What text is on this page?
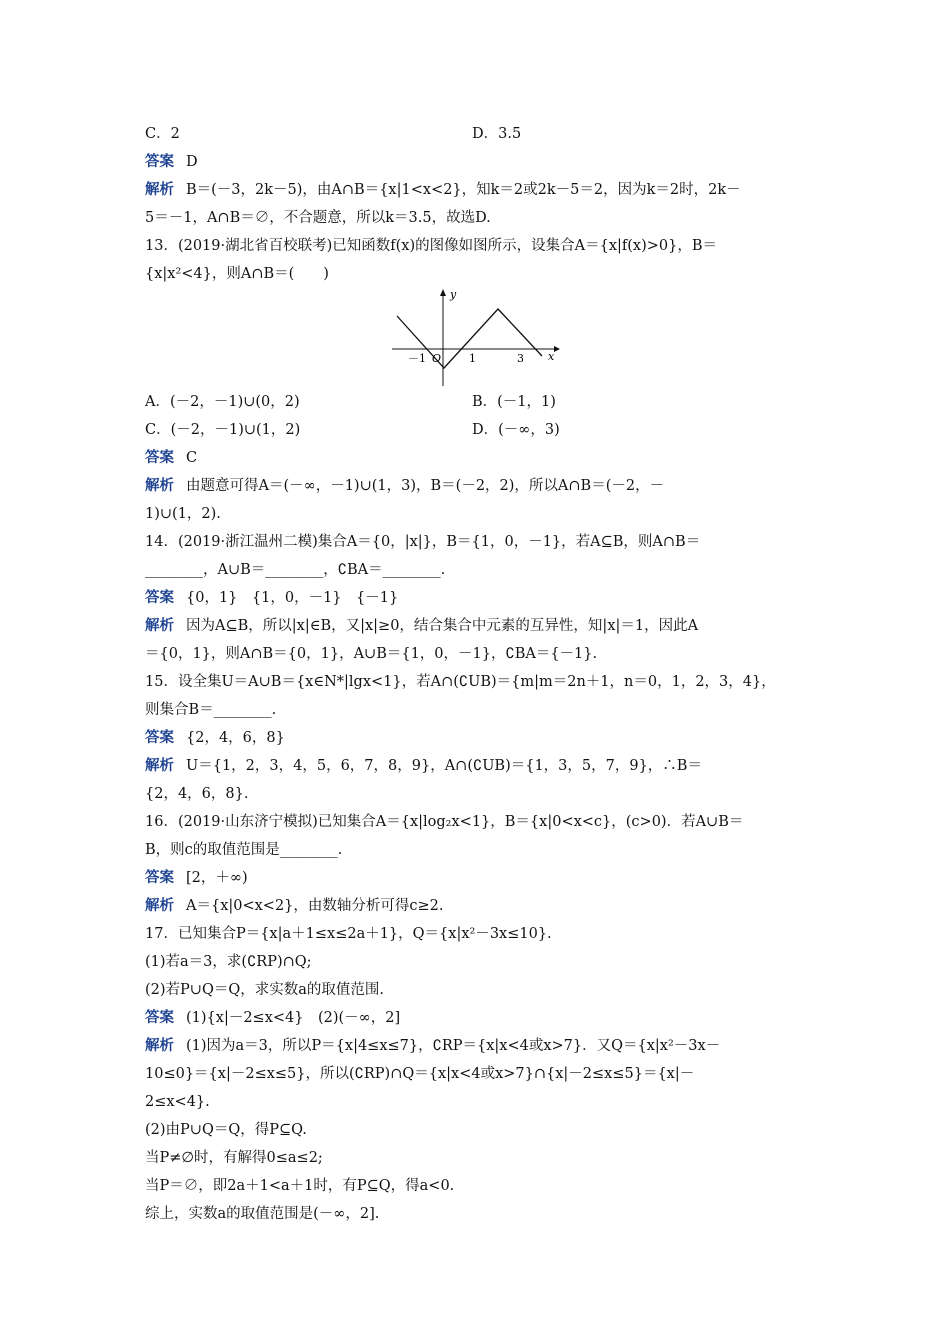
C．2	D．3.5
答案 D
解析 B＝(－3，2k－5)，由A∩B＝{x|1<x<2}，知k＝2或2k－5＝2，因为k＝2时，2k－
5＝－1，A∩B＝∅，不合题意，所以k＝3.5，故选D.
13．(2019·湖北省百校联考)已知函数f(x)的图像如图所示，设集合A＝{x|f(x)>0}，B＝
{x|x²<4}，则A∩B＝(　　)
y
O
－1	1	3 x
A．(－2，－1)∪(0，2)	B．(－1，1)
C．(－2，－1)∪(1，2)	D．(－∞，3)
答案 C
解析 由题意可得A＝(－∞，－1)∪(1，3)，B＝(－2，2)，所以A∩B＝(－2，－
1)∪(1，2).
14．(2019·浙江温州二模)集合A＝{0，|x|}，B＝{1，0，－1}，若A⊆B，则A∩B＝
________，A∪B＝________，∁BA＝________.
答案 {0，1}　{1，0，－1}　{－1}
解析 因为A⊆B，所以|x|∈B，又|x|≥0，结合集合中元素的互异性，知|x|＝1，因此A
＝{0，1}，则A∩B＝{0，1}，A∪B＝{1，0，－1}，∁BA＝{－1}.
15．设全集U＝A∪B＝{x∈N*|lgx<1}，若A∩(∁UB)＝{m|m＝2n＋1，n＝0，1，2，3，4}，
则集合B＝________.
答案 {2，4，6，8}
解析 U＝{1，2，3，4，5，6，7，8，9}，A∩(∁UB)＝{1，3，5，7，9}，∴B＝
{2，4，6，8}.
16．(2019·山东济宁模拟)已知集合A＝{x|log₂x<1}，B＝{x|0<x<c}，(c>0)．若A∪B＝
B，则c的取值范围是________.
答案 [2，＋∞)
解析 A＝{x|0<x<2}，由数轴分析可得c≥2.
17．已知集合P＝{x|a＋1≤x≤2a＋1}，Q＝{x|x²－3x≤10}.
(1)若a＝3，求(∁RP)∩Q;
(2)若P∪Q＝Q，求实数a的取值范围.
答案 (1){x|－2≤x<4}　(2)(－∞，2]
解析 (1)因为a＝3，所以P＝{x|4≤x≤7}，∁RP＝{x|x<4或x>7}．又Q＝{x|x²－3x－
10≤0}＝{x|－2≤x≤5}，所以(∁RP)∩Q＝{x|x<4或x>7}∩{x|－2≤x≤5}＝{x|－
2≤x<4}.
(2)由P∪Q＝Q，得P⊆Q.
当P≠∅时，有解得0≤a≤2;
当P＝∅，即2a＋1<a＋1时，有P⊆Q，得a<0.
综上，实数a的取值范围是(－∞，2].
